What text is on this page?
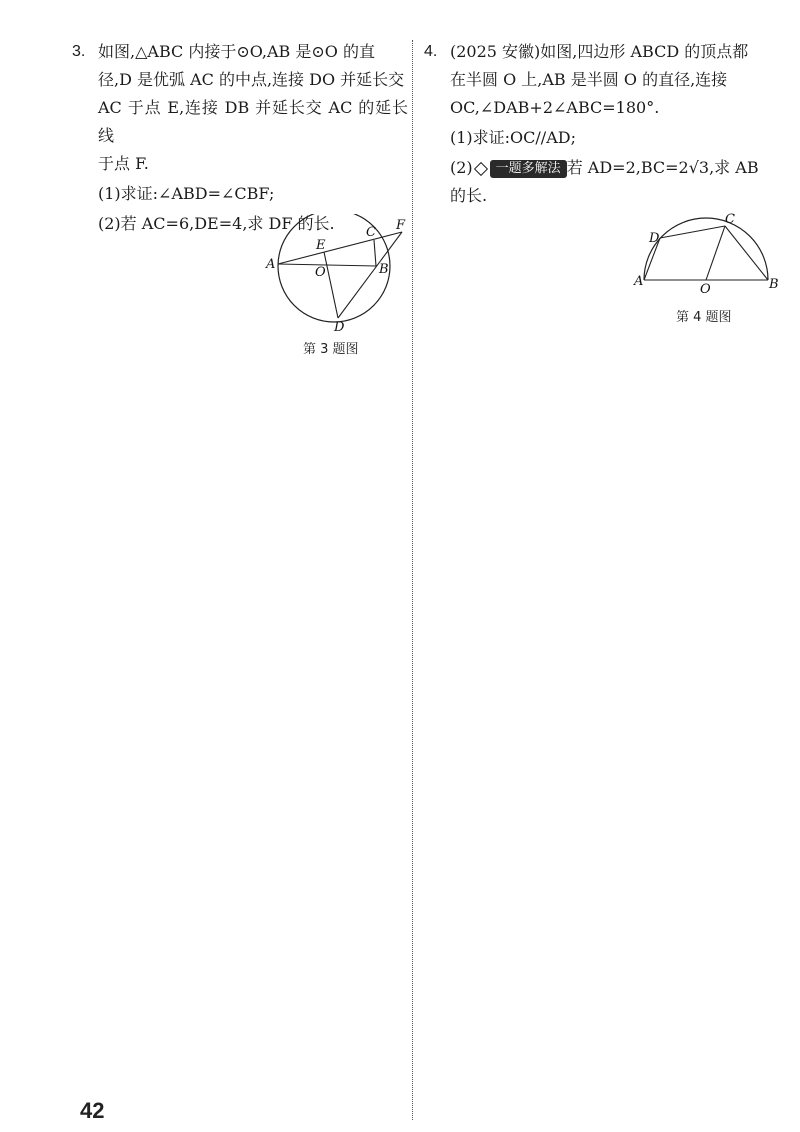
3. 如图,△ABC 内接于⊙O,AB 是⊙O 的直

径,D 是优弧 AC 的中点,连接 DO 并延长交

AC 于点 E,连接 DB 并延长交 AC 的延长线

于点 F.

(1)求证:∠ABD=∠CBF;

(2)若 AC=6,DE=4,求 DF 的长.

A	B
C
D
E
F
O
第 3 题图
4. (2025 安徽)如图,四边形 ABCD 的顶点都

在半圆 O 上,AB 是半圆 O 的直径,连接

OC,∠DAB+2∠ABC=180°.

(1)求证:OC//AD;

(2)	一题多解法 若 AD=2,BC=2√3,求 AB

的长.

A	B
C
D
O
第 4 题图
42
